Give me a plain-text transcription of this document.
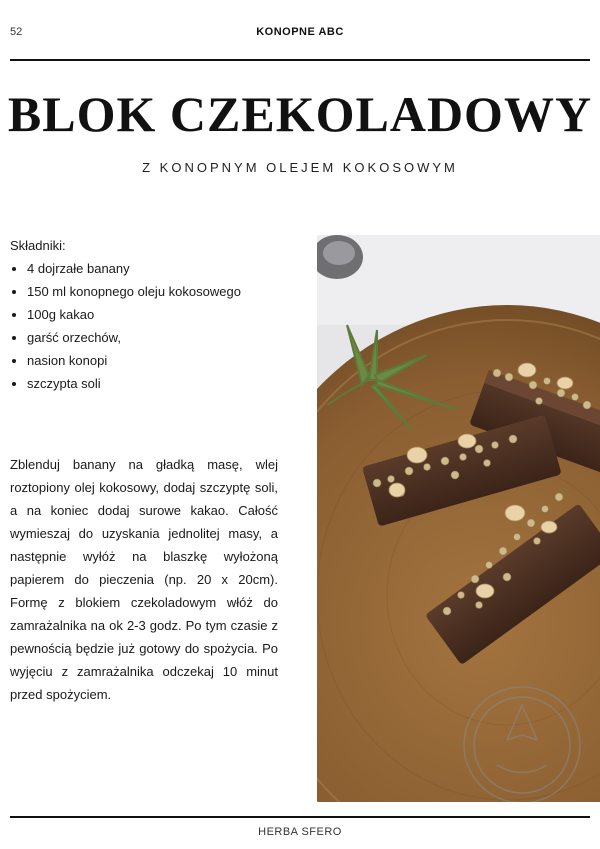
52	KONOPNE ABC
BLOK CZEKOLADOWY
Z KONOPNYM OLEJEM KOKOSOWYM
Składniki:
• 4 dojrzałe banany
• 150 ml konopnego oleju kokosowego
• 100g kakao
• garść orzechów,
• nasion konopi
• szczypta soli

Zblenduj banany na gładką masę, wlej roztopiony olej kokosowy, dodaj szczyptę soli, a na koniec dodaj surowe kakao. Całość wymieszaj do uzyskania jednolitej masy, a następnie wyłóż na blaszkę wyłożoną papierem do pieczenia (np. 20 x 20cm). Formę z blokiem czekoladowym włóż do zamrażalnika na ok 2-3 godz. Po tym czasie z pewnością będzie już gotowy do spożycia. Po wyjęciu z zamrażalnika odczekaj 10 minut przed spożyciem.

HERBA SFERO
